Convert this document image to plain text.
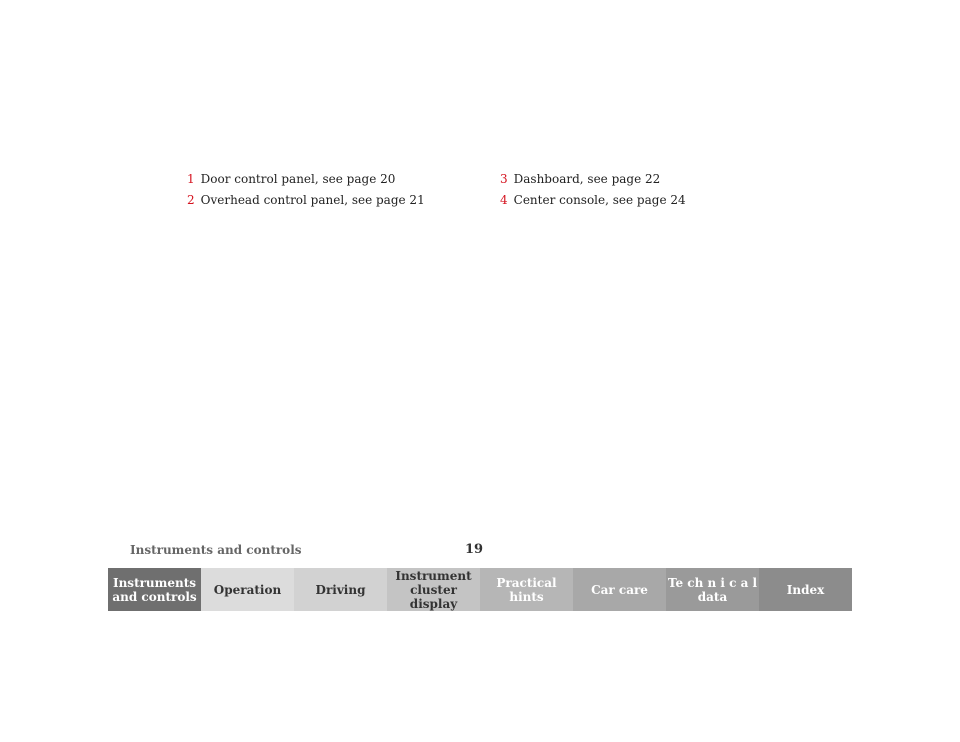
1 Door control panel, see page 20
2 Overhead control panel, see page 21
3 Dashboard, see page 22
4 Center console, see page 24
Instruments and controls	19
Instruments
and controls	Operation	Driving
Instrument
cluster display
Practical hints	Car care	Te ch n i c a l
data	Index
